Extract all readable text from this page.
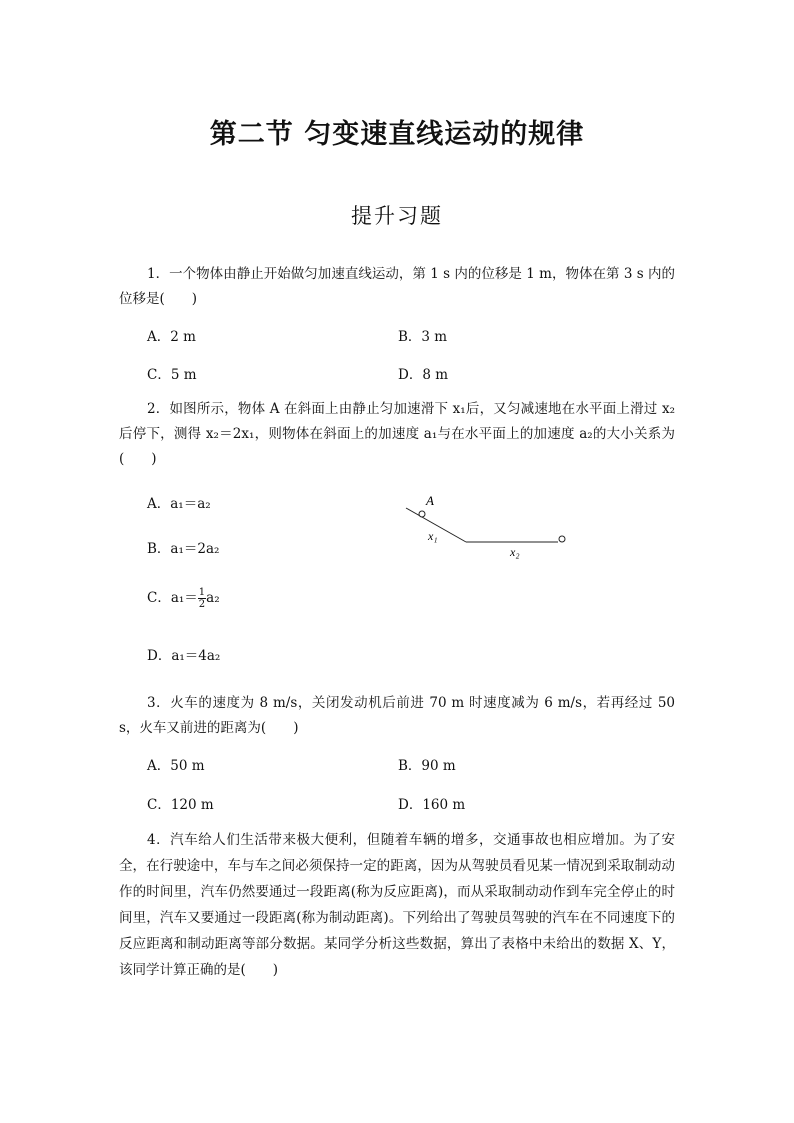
第二节 匀变速直线运动的规律
提升习题
1．一个物体由静止开始做匀加速直线运动，第 1 s 内的位移是 1 m，物体在第 3 s 内的位移是(　　)
A．2 m	B．3 m
C．5 m	D．8 m
2．如图所示，物体 A 在斜面上由静止匀加速滑下 x₁后，又匀减速地在水平面上滑过 x₂后停下，测得 x₂＝2x₁，则物体在斜面上的加速度 a₁与在水平面上的加速度 a₂的大小关系为(　　)
A．a₁＝a₂
B．a₁＝2a₂
C．$a_1= \frac{1}{2} a_2$
D．a₁＝4a₂
A
x₁
x₂
3．火车的速度为 8 m/s，关闭发动机后前进 70 m 时速度减为 6 m/s，若再经过 50 s，火车又前进的距离为(　　)
A．50 m	B．90 m
C．120 m	D．160 m
4．汽车给人们生活带来极大便利，但随着车辆的增多，交通事故也相应增加。为了安全，在行驶途中，车与车之间必须保持一定的距离，因为从驾驶员看见某一情况到采取制动动作的时间里，汽车仍然要通过一段距离(称为反应距离)，而从采取制动动作到车完全停止的时间里，汽车又要通过一段距离(称为制动距离)。下列给出了驾驶员驾驶的汽车在不同速度下的反应距离和制动距离等部分数据。某同学分析这些数据，算出了表格中未给出的数据 X、Y，该同学计算正确的是(　　)
